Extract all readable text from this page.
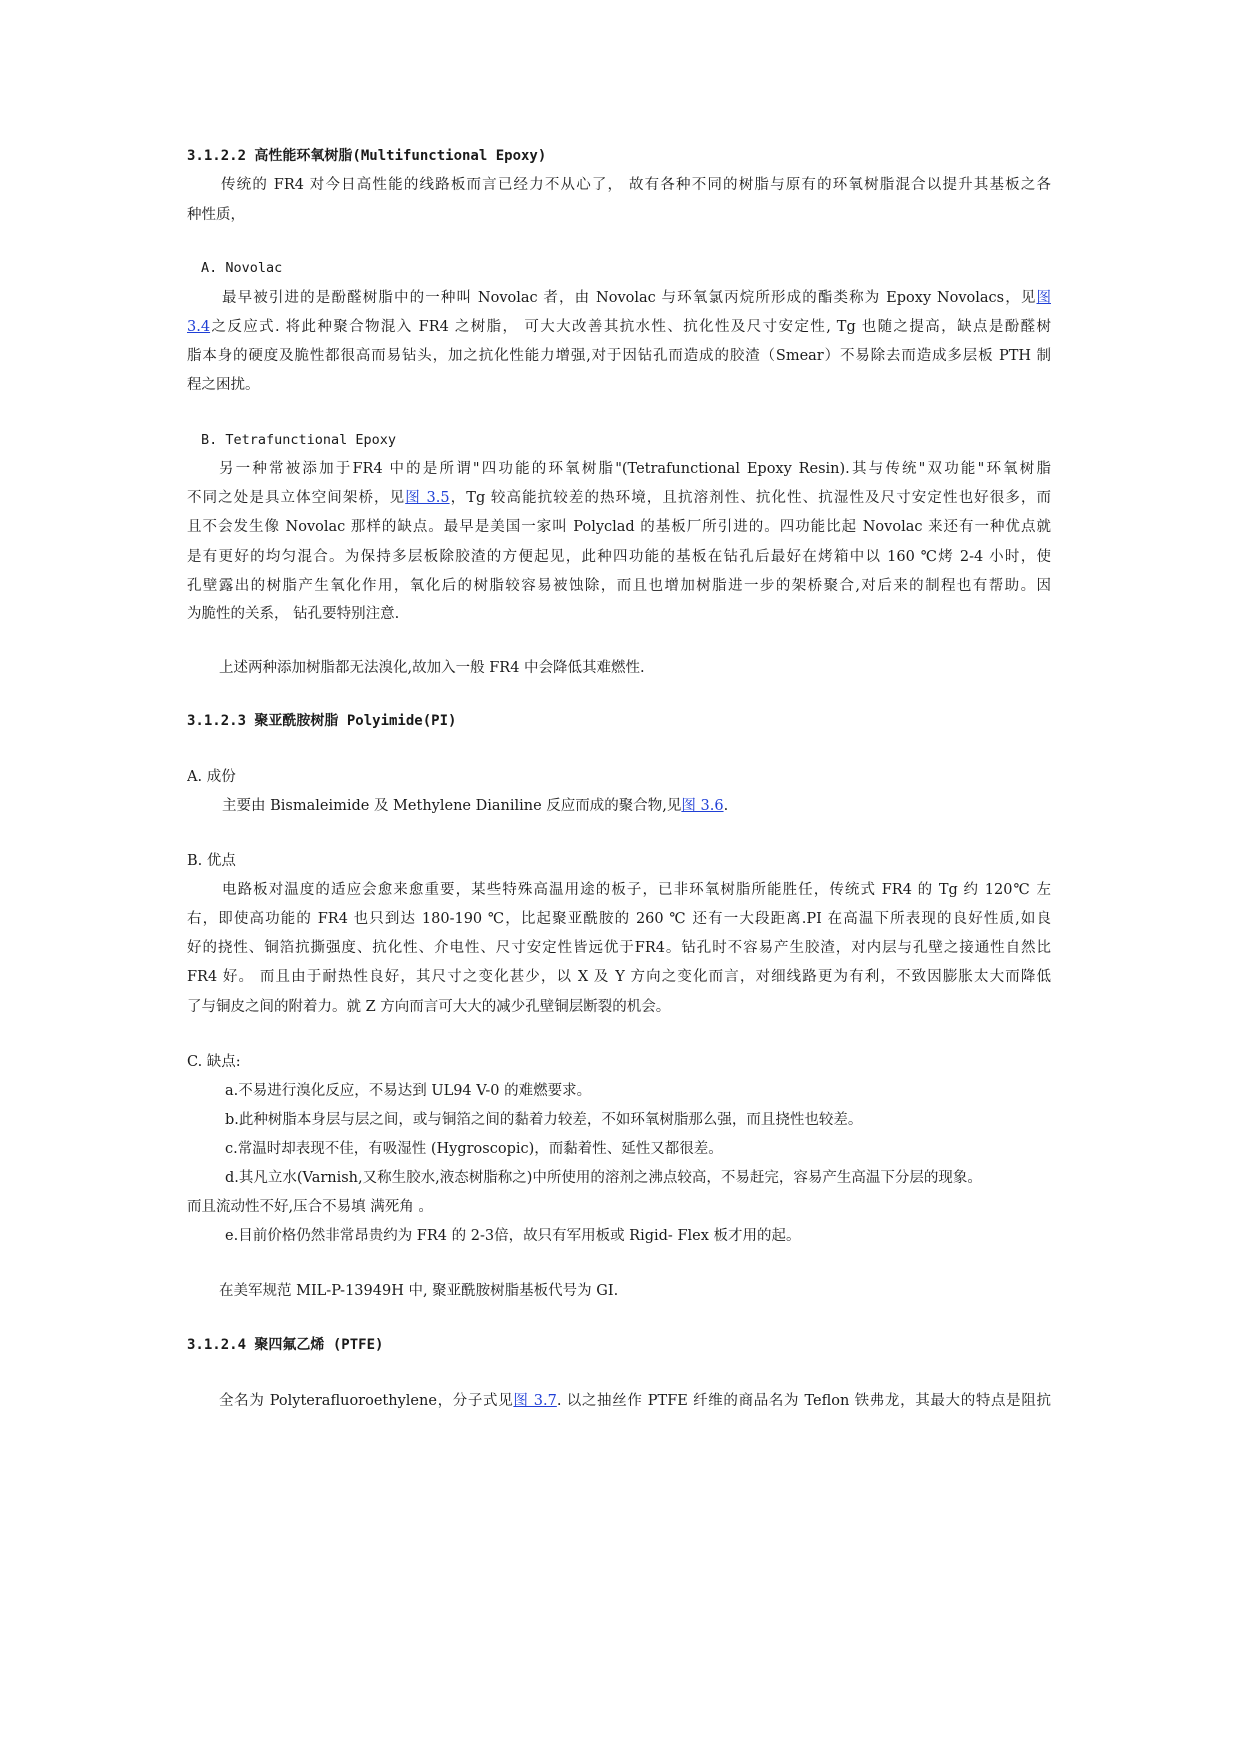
3.1.2.2 高性能环氧树脂(Multifunctional Epoxy)
传统的 FR4 对今日高性能的线路板而言已经力不从心了， 故有各种不同的树脂与原有的环氧树脂混合以提升其基板之各
种性质，
A. Novolac
最早被引进的是酚醛树脂中的一种叫 Novolac 者，由 Novolac 与环氧氯丙烷所形成的酯类称为 Epoxy Novolacs，见图
3.4之反应式. 将此种聚合物混入 FR4 之树脂， 可大大改善其抗水性、抗化性及尺寸安定性, Tg 也随之提高，缺点是酚醛树
脂本身的硬度及脆性都很高而易钻头，加之抗化性能力增强,对于因钻孔而造成的胶渣（Smear）不易除去而造成多层板 PTH 制
程之困扰。
B. Tetrafunctional Epoxy
另一种常被添加于FR4 中的是所谓"四功能的环氧树脂"(Tetrafunctional Epoxy Resin).其与传统"双功能"环氧树脂
不同之处是具立体空间架桥，见图 3.5，Tg 较高能抗较差的热环境，且抗溶剂性、抗化性、抗湿性及尺寸安定性也好很多，而
且不会发生像 Novolac 那样的缺点。最早是美国一家叫 Polyclad 的基板厂所引进的。四功能比起 Novolac 来还有一种优点就
是有更好的均匀混合。为保持多层板除胶渣的方便起见，此种四功能的基板在钻孔后最好在烤箱中以 160 ℃烤 2-4 小时，使
孔壁露出的树脂产生氧化作用，氧化后的树脂较容易被蚀除，而且也增加树脂进一步的架桥聚合,对后来的制程也有帮助。因
为脆性的关系， 钻孔要特别注意.
上述两种添加树脂都无法溴化,故加入一般 FR4 中会降低其难燃性.
3.1.2.3 聚亚酰胺树脂 Polyimide(PI)
A. 成份
主要由 Bismaleimide 及 Methylene Dianiline 反应而成的聚合物,见图 3.6.
B. 优点
电路板对温度的适应会愈来愈重要，某些特殊高温用途的板子，已非环氧树脂所能胜任，传统式 FR4 的 Tg 约 120℃ 左
右，即使高功能的 FR4 也只到达 180-190 ℃，比起聚亚酰胺的 260 ℃ 还有一大段距离.PI 在高温下所表现的良好性质,如良
好的挠性、铜箔抗撕强度、抗化性、介电性、尺寸安定性皆远优于FR4。钻孔时不容易产生胶渣，对内层与孔壁之接通性自然比
FR4 好。 而且由于耐热性良好，其尺寸之变化甚少，以 X 及 Y 方向之变化而言，对细线路更为有利，不致因膨胀太大而降低
了与铜皮之间的附着力。就 Z 方向而言可大大的减少孔壁铜层断裂的机会。
C. 缺点:
a.不易进行溴化反应，不易达到 UL94 V-0 的难燃要求。
b.此种树脂本身层与层之间，或与铜箔之间的黏着力较差，不如环氧树脂那么强，而且挠性也较差。
c.常温时却表现不佳，有吸湿性 (Hygroscopic)，而黏着性、延性又都很差。
d.其凡立水(Varnish,又称生胶水,液态树脂称之)中所使用的溶剂之沸点较高，不易赶完，容易产生高温下分层的现象。
而且流动性不好,压合不易填 满死角 。
e.目前价格仍然非常昂贵约为 FR4 的 2-3倍，故只有军用板或 Rigid- Flex 板才用的起。
在美军规范 MIL-P-13949H 中, 聚亚酰胺树脂基板代号为 GI.
3.1.2.4 聚四氟乙烯 (PTFE)
全名为 Polyterafluoroethylene，分子式见图 3.7. 以之抽丝作 PTFE 纤维的商品名为 Teflon 铁弗龙，其最大的特点是阻抗
